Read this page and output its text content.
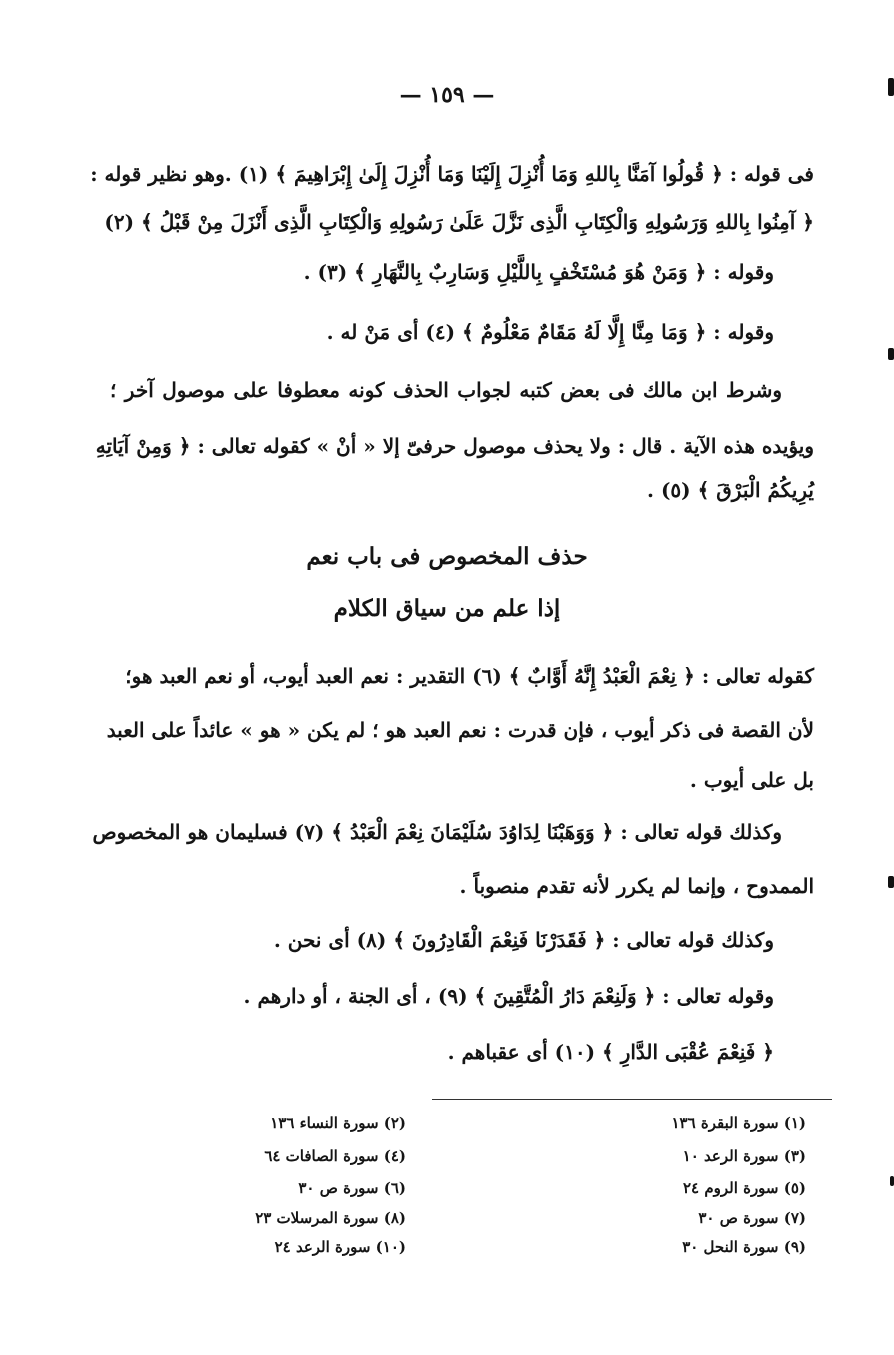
— ١٥٩ —
فى قوله : ﴿ قُولُوا آمَنَّا بِاللهِ وَمَا أُنْزِلَ إِلَيْنَا وَمَا أُنْزِلَ إِلَىٰ إِبْرَاهِيمَ ﴾ (١) .وهو نظير قوله :
﴿ آمِنُوا بِاللهِ وَرَسُولِهِ وَالْكِتَابِ الَّذِى نَزَّلَ عَلَىٰ رَسُولِهِ وَالْكِتَابِ الَّذِى أَنْزَلَ مِنْ قَبْلُ ﴾ (٢)
وقوله : ﴿ وَمَنْ هُوَ مُسْتَخْفٍ بِاللَّيْلِ وَسَارِبٌ بِالنَّهَارِ ﴾ (٣) .
وقوله : ﴿ وَمَا مِنَّا إِلَّا لَهُ مَقَامٌ مَعْلُومٌ ﴾ (٤) أى مَنْ له .
وشرط ابن مالك فى بعض كتبه لجواب الحذف كونه معطوفا على موصول آخر ؛
ويؤيده هذه الآية . قال : ولا يحذف موصول حرفىّ إلا « أنْ » كقوله تعالى : ﴿ وَمِنْ آيَاتِهِ
يُرِيكُمُ الْبَرْقَ ﴾ (٥) .
حذف المخصوص فى باب نعم
إذا علم من سياق الكلام
كقوله تعالى : ﴿ نِعْمَ الْعَبْدُ إِنَّهُ أَوَّابٌ ﴾ (٦) التقدير : نعم العبد أيوب، أو نعم العبد هو؛
لأن القصة فى ذكر أيوب ، فإن قدرت : نعم العبد هو ؛ لم يكن « هو » عائداً على العبد
بل على أيوب .
وكذلك قوله تعالى : ﴿ وَوَهَبْنَا لِدَاوُدَ سُلَيْمَانَ نِعْمَ الْعَبْدُ ﴾ (٧) فسليمان هو المخصوص
الممدوح ، وإنما لم يكرر لأنه تقدم منصوباً .
وكذلك قوله تعالى : ﴿ فَقَدَرْنَا فَنِعْمَ الْقَادِرُونَ ﴾ (٨) أى نحن .
وقوله تعالى : ﴿ وَلَنِعْمَ دَارُ الْمُتَّقِينَ ﴾ (٩) ، أى الجنة ، أو دارهم .
﴿ فَنِعْمَ عُقْبَى الدَّارِ ﴾ (١٠) أى عقباهم .
(١) سورة البقرة ١٣٦
(٢) سورة النساء ١٣٦
(٣) سورة الرعد ١٠
(٤) سورة الصافات ٦٤
(٥) سورة الروم ٢٤
(٦) سورة ص ٣٠
(٧) سورة ص ٣٠
(٨) سورة المرسلات ٢٣
(٩) سورة النحل ٣٠
(١٠) سورة الرعد ٢٤
